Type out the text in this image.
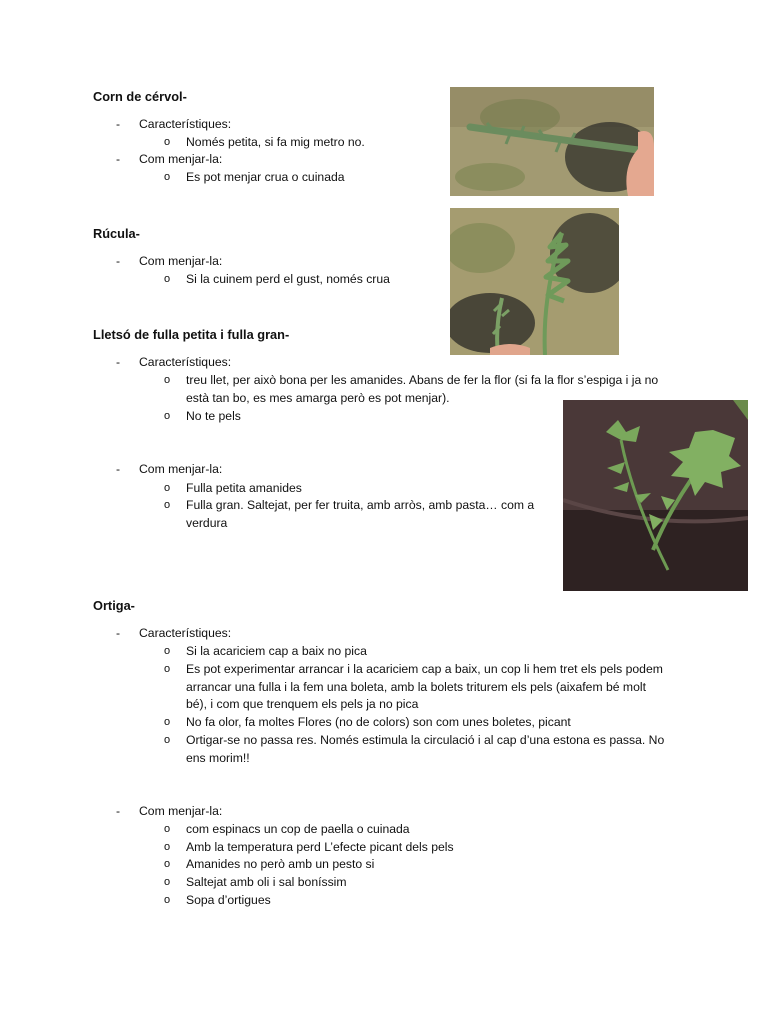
Corn de cérvol-
- Característiques:
o Només petita, si fa mig metro no.
- Com menjar-la:
o Es pot menjar crua o cuinada
Rúcula-
- Com menjar-la:
o Si la cuinem perd el gust, només crua
Lletsó de fulla petita i fulla gran-
- Característiques:
o treu llet, per això bona per les amanides. Abans de fer la flor (si fa la flor s’espiga i ja no està tan bo, es mes amarga però es pot menjar).
o No te pels
- Com menjar-la:
o Fulla petita amanides
o Fulla gran. Saltejat, per fer truita, amb arròs, amb pasta… com a verdura
Ortiga-
- Característiques:
o Si la acariciem cap a baix no pica
o Es pot experimentar arrancar i la acariciem cap a baix, un cop li hem tret els pels podem arrancar una fulla i la fem una boleta, amb la bolets triturem els pels (aixafem bé molt bé), i com que trenquem els pels ja no pica
o No fa olor, fa moltes Flores (no de colors) son com unes boletes, picant
o Ortigar-se no passa res. Només estimula la circulació i al cap d’una estona es passa. No ens morim!!
- Com menjar-la:
o com espinacs un cop de paella o cuinada
o Amb la temperatura perd L’efecte picant dels pels
o Amanides no però amb un pesto si
o Saltejat amb oli i sal boníssim
o Sopa d’ortigues
